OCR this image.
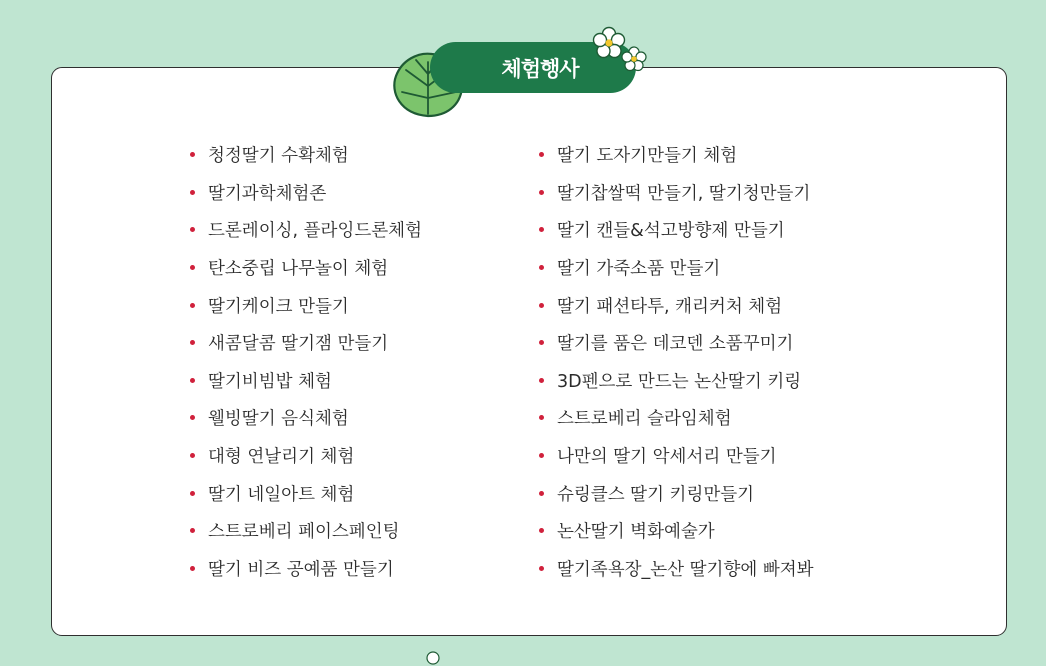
체험행사
청정딸기 수확체험
딸기과학체험존
드론레이싱, 플라잉드론체험
탄소중립 나무놀이 체험
딸기케이크 만들기
새콤달콤 딸기잼 만들기
딸기비빔밥 체험
웰빙딸기 음식체험
대형 연날리기 체험
딸기 네일아트 체험
스트로베리 페이스페인팅
딸기 비즈 공예품 만들기
딸기 도자기만들기 체험
딸기찹쌀떡 만들기, 딸기청만들기
딸기 캔들&석고방향제 만들기
딸기 가죽소품 만들기
딸기 패션타투, 캐리커처 체험
딸기를 품은 데코덴 소품꾸미기
3D펜으로 만드는 논산딸기 키링
스트로베리 슬라임체험
나만의 딸기 악세서리 만들기
슈링클스 딸기 키링만들기
논산딸기 벽화예술가
딸기족욕장_논산 딸기향에 빠져봐
